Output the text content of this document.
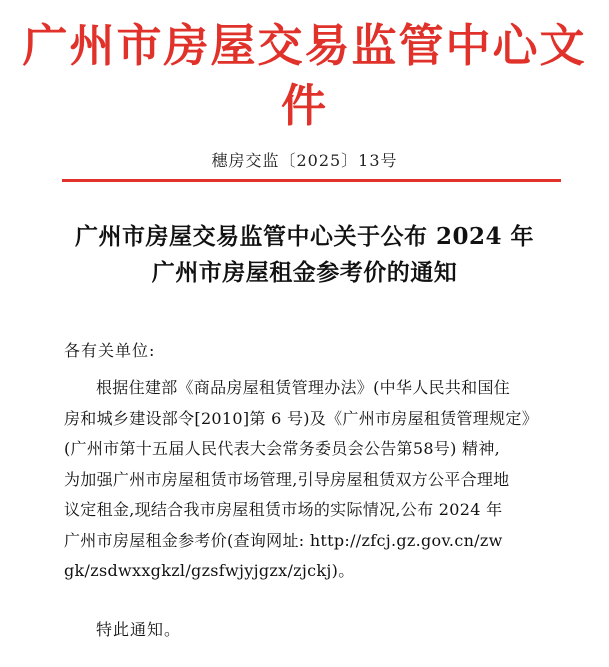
广州市房屋交易监管中心文件
穗房交监〔2025〕13号
广州市房屋交易监管中心关于公布 2024 年
广州市房屋租金参考价的通知
各有关单位:
根据住建部《商品房屋租赁管理办法》(中华人民共和国住
房和城乡建设部令[2010]第 6 号)及《广州市房屋租赁管理规定》
(广州市第十五届人民代表大会常务委员会公告第58号) 精神,
为加强广州市房屋租赁市场管理,引导房屋租赁双方公平合理地
议定租金,现结合我市房屋租赁市场的实际情况,公布 2024 年
广州市房屋租金参考价(查询网址: http://zfcj.gz.gov.cn/zw
gk/zsdwxxgkzl/gzsfwjyjgzx/zjckj)。
特此通知。
